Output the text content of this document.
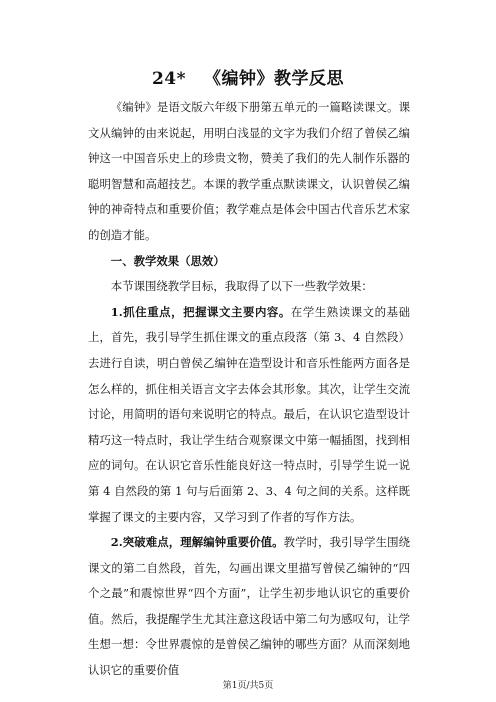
24* 《编钟》教学反思

《编钟》是语文版六年级下册第五单元的一篇略读课文。课文从编钟的由来说起，用明白浅显的文字为我们介绍了曾侯乙编钟这一中国音乐史上的珍贵文物，赞美了我们的先人制作乐器的聪明智慧和高超技艺。本课的教学重点默读课文，认识曾侯乙编钟的神奇特点和重要价值；教学难点是体会中国古代音乐艺术家的创造才能。

一、教学效果（思效）

本节课围绕教学目标，我取得了以下一些教学效果：

1.抓住重点，把握课文主要内容。在学生熟读课文的基础上，首先，我引导学生抓住课文的重点段落（第 3、4 自然段）去进行自读，明白曾侯乙编钟在造型设计和音乐性能两方面各是怎么样的，抓住相关语言文字去体会其形象。其次，让学生交流讨论，用简明的语句来说明它的特点。最后，在认识它造型设计精巧这一特点时，我让学生结合观察课文中第一幅插图，找到相应的词句。在认识它音乐性能良好这一特点时，引导学生说一说第 4 自然段的第 1 句与后面第 2、3、4 句之间的关系。这样既掌握了课文的主要内容，又学习到了作者的写作方法。

2.突破难点，理解编钟重要价值。教学时，我引导学生围绕课文的第二自然段，首先，勾画出课文里描写曾侯乙编钟的“四个之最”和震惊世界“四个方面”，让学生初步地认识它的重要价值。然后，我提醒学生尤其注意这段话中第二句为感叹句，让学生想一想：令世界震惊的是曾侯乙编钟的哪些方面？从而深刻地认识它的重要价值

第1页/共5页
